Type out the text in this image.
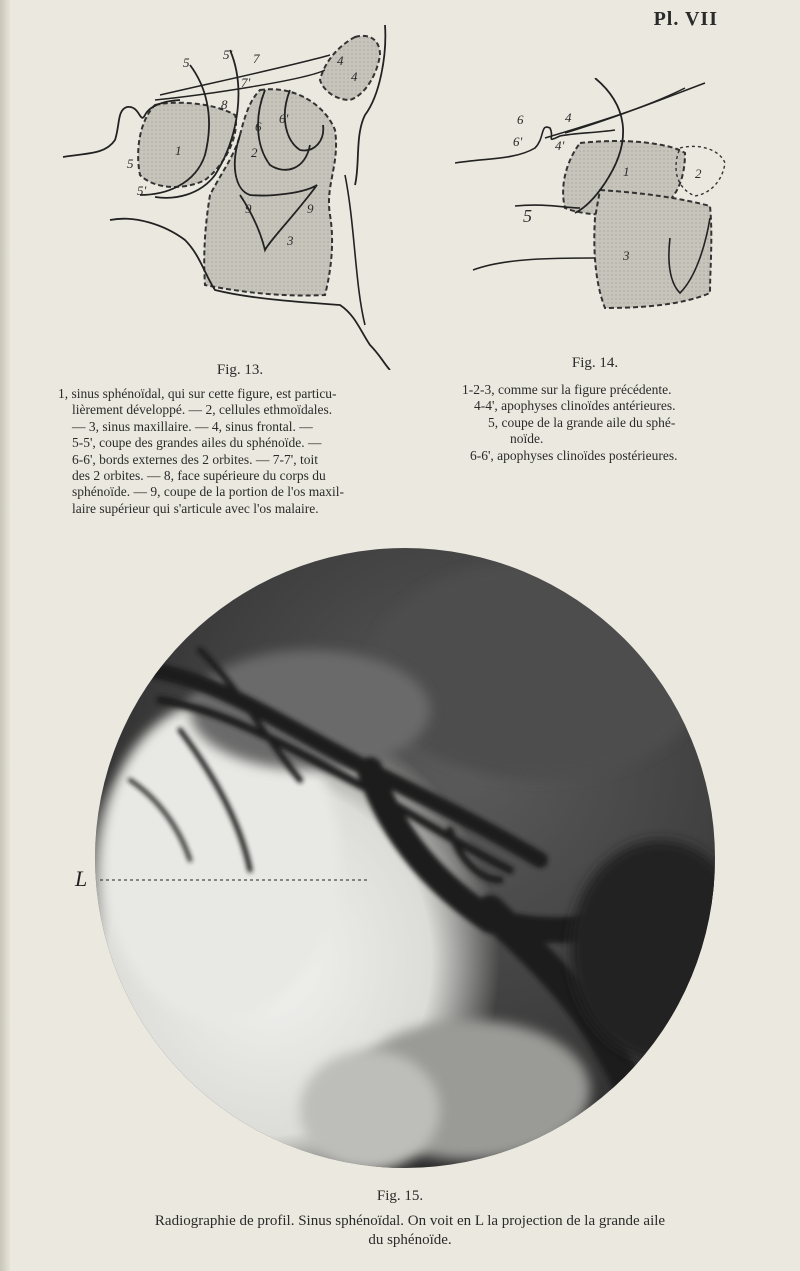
Pl. VII
5
5' 7
7'
8
4
4
6
6'
1	2
5
5'
9	9
3
Fig. 13.

1, sinus sphénoïdal, qui sur cette figure, est particu-

lièrement développé. — 2, cellules ethmoïdales.

— 3, sinus maxillaire. — 4, sinus frontal. —

5-5', coupe des grandes ailes du sphénoïde. —

6-6', bords externes des 2 orbites. — 7-7', toit

des 2 orbites. — 8, face supérieure du corps du

sphénoïde. — 9, coupe de la portion de l'os maxil-

laire supérieur qui s'articule avec l'os malaire.

6
6'
4
4'
1	2
5
3
Fig. 14.

1-2-3, comme sur la figure précédente.

4-4', apophyses clinoïdes antérieures.

5, coupe de la grande aile du sphé-

noïde.

6-6', apophyses clinoïdes postérieures.

L
Fig. 15.
Radiographie de profil. Sinus sphénoïdal. On voit en L la projection de la grande aile
du sphénoïde.
